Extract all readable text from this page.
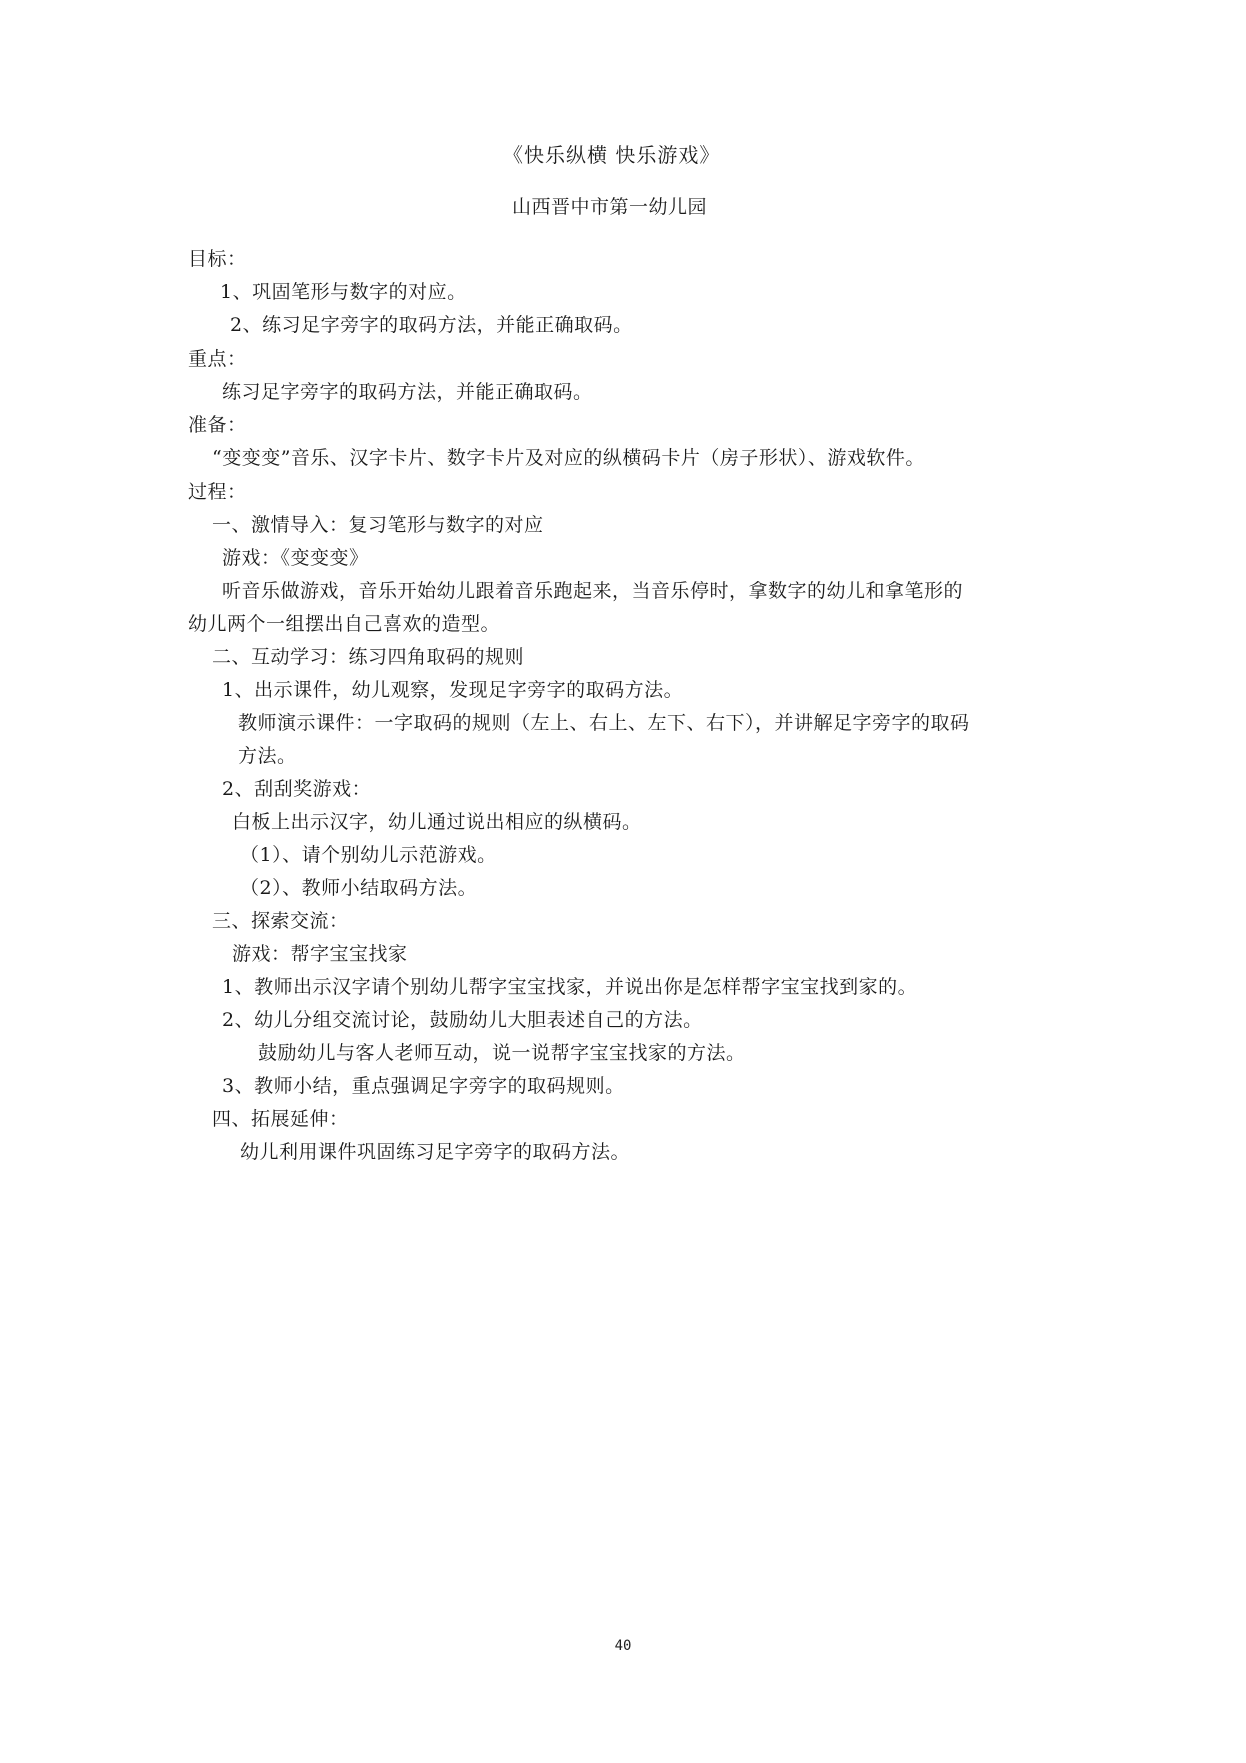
《快乐纵横 快乐游戏》
山西晋中市第一幼儿园
目标：
1、巩固笔形与数字的对应。
2、练习足字旁字的取码方法，并能正确取码。
重点：
练习足字旁字的取码方法，并能正确取码。
准备：
“变变变”音乐、汉字卡片、数字卡片及对应的纵横码卡片（房子形状）、游戏软件。
过程：
一、激情导入：复习笔形与数字的对应
游戏：《变变变》
听音乐做游戏，音乐开始幼儿跟着音乐跑起来，当音乐停时，拿数字的幼儿和拿笔形的
幼儿两个一组摆出自己喜欢的造型。
二、互动学习：练习四角取码的规则
1、出示课件，幼儿观察，发现足字旁字的取码方法。
教师演示课件：一字取码的规则（左上、右上、左下、右下），并讲解足字旁字的取码
方法。
2、刮刮奖游戏：
白板上出示汉字，幼儿通过说出相应的纵横码。
（1）、请个别幼儿示范游戏。
（2）、教师小结取码方法。
三、探索交流：
游戏：帮字宝宝找家
1、教师出示汉字请个别幼儿帮字宝宝找家，并说出你是怎样帮字宝宝找到家的。
2、幼儿分组交流讨论，鼓励幼儿大胆表述自己的方法。
鼓励幼儿与客人老师互动，说一说帮字宝宝找家的方法。
3、教师小结，重点强调足字旁字的取码规则。
四、拓展延伸：
幼儿利用课件巩固练习足字旁字的取码方法。
40
